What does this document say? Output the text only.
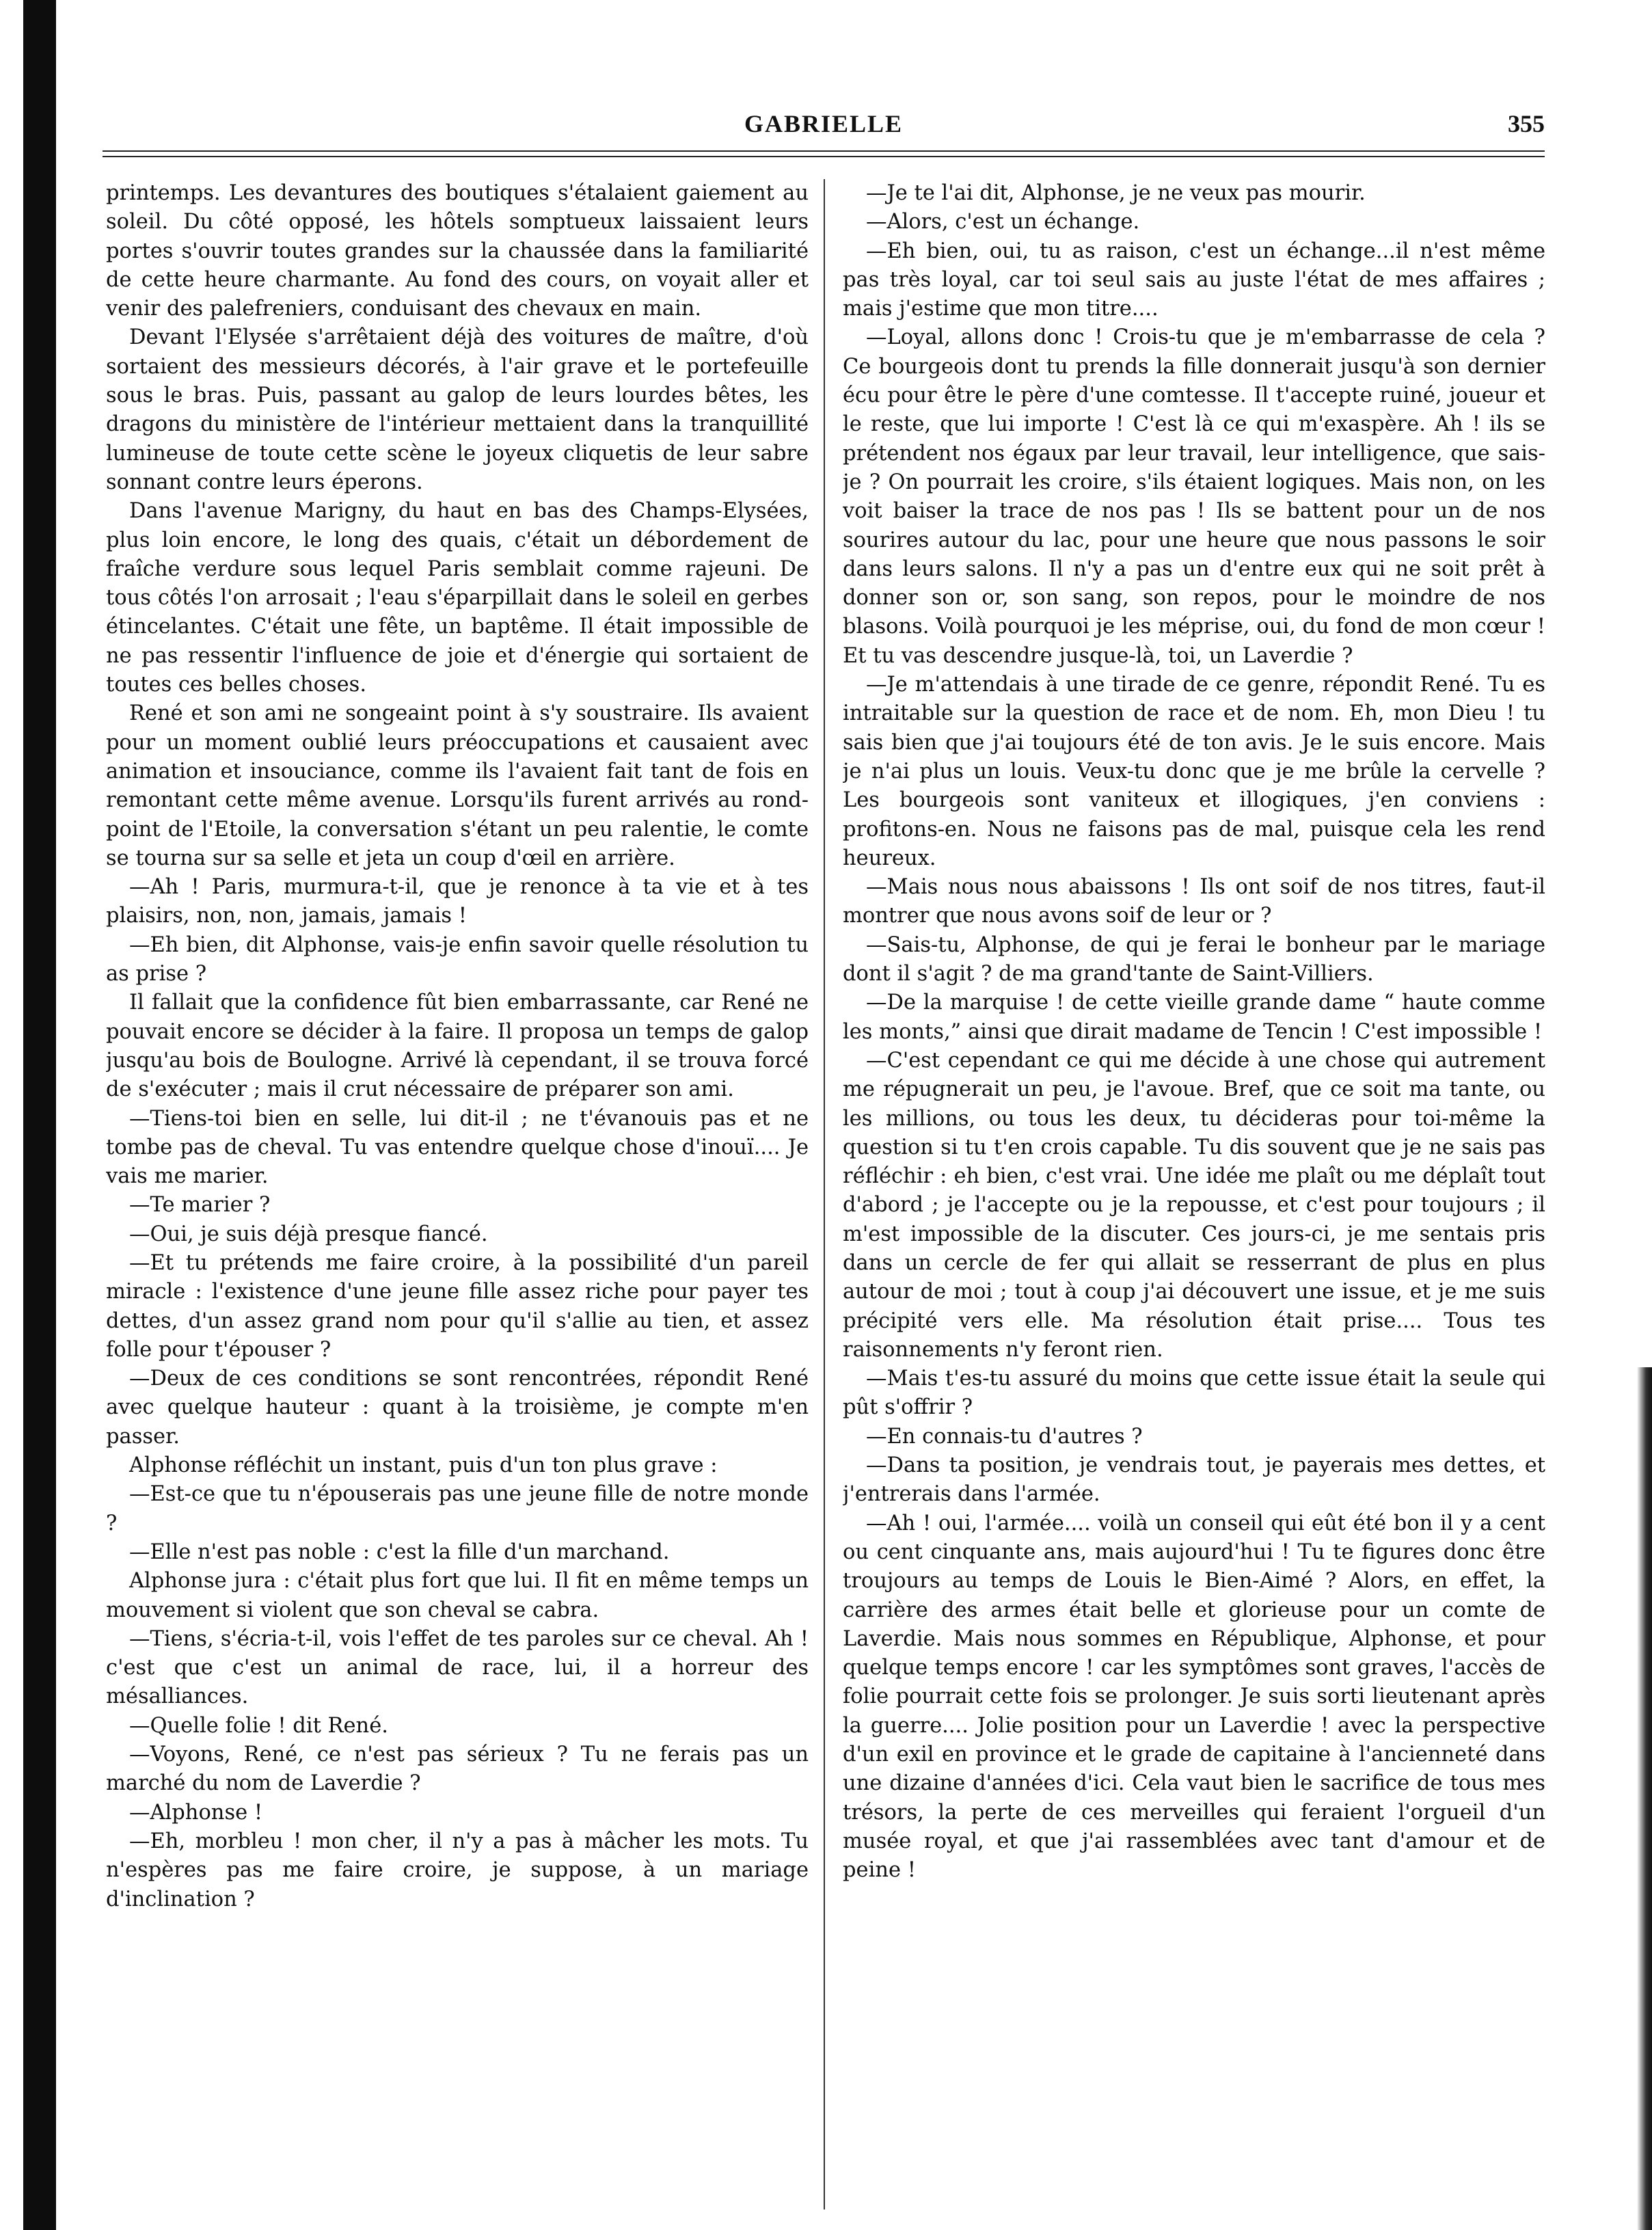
GABRIELLE	355

printemps. Les devantures des boutiques s'étalaient gaiement au soleil. Du côté opposé, les hôtels somptueux laissaient leurs portes s'ouvrir toutes grandes sur la chaussée dans la familiarité de cette heure charmante. Au fond des cours, on voyait aller et venir des palefreniers, conduisant des chevaux en main.

Devant l'Elysée s'arrêtaient déjà des voitures de maître, d'où sortaient des messieurs décorés, à l'air grave et le portefeuille sous le bras. Puis, passant au galop de leurs lourdes bêtes, les dragons du ministère de l'intérieur mettaient dans la tranquillité lumineuse de toute cette scène le joyeux cliquetis de leur sabre sonnant contre leurs éperons.

Dans l'avenue Marigny, du haut en bas des Champs-Elysées, plus loin encore, le long des quais, c'était un débordement de fraîche verdure sous lequel Paris semblait comme rajeuni. De tous côtés l'on arrosait ; l'eau s'éparpillait dans le soleil en gerbes étincelantes. C'était une fête, un baptême. Il était impossible de ne pas ressentir l'influence de joie et d'énergie qui sortaient de toutes ces belles choses.

René et son ami ne songeaint point à s'y soustraire. Ils avaient pour un moment oublié leurs préoccupations et causaient avec animation et insouciance, comme ils l'avaient fait tant de fois en remontant cette même avenue. Lorsqu'ils furent arrivés au rond-point de l'Etoile, la conversation s'étant un peu ralentie, le comte se tourna sur sa selle et jeta un coup d'œil en arrière.

—Ah ! Paris, murmura-t-il, que je renonce à ta vie et à tes plaisirs, non, non, jamais, jamais !

—Eh bien, dit Alphonse, vais-je enfin savoir quelle résolution tu as prise ?

Il fallait que la confidence fût bien embarrassante, car René ne pouvait encore se décider à la faire. Il proposa un temps de galop jusqu'au bois de Boulogne. Arrivé là cependant, il se trouva forcé de s'exécuter ; mais il crut nécessaire de préparer son ami.

—Tiens-toi bien en selle, lui dit-il ; ne t'évanouis pas et ne tombe pas de cheval. Tu vas entendre quelque chose d'inouï.... Je vais me marier.

—Te marier ?

—Oui, je suis déjà presque fiancé.

—Et tu prétends me faire croire, à la possibilité d'un pareil miracle : l'existence d'une jeune fille assez riche pour payer tes dettes, d'un assez grand nom pour qu'il s'allie au tien, et assez folle pour t'épouser ?

—Deux de ces conditions se sont rencontrées, répondit René avec quelque hauteur : quant à la troisième, je compte m'en passer.

Alphonse réfléchit un instant, puis d'un ton plus grave :

—Est-ce que tu n'épouserais pas une jeune fille de notre monde ?

—Elle n'est pas noble : c'est la fille d'un marchand.

Alphonse jura : c'était plus fort que lui. Il fit en même temps un mouvement si violent que son cheval se cabra.

—Tiens, s'écria-t-il, vois l'effet de tes paroles sur ce cheval. Ah ! c'est que c'est un animal de race, lui, il a horreur des mésalliances.

—Quelle folie ! dit René.

—Voyons, René, ce n'est pas sérieux ? Tu ne ferais pas un marché du nom de Laverdie ?

—Alphonse !

—Eh, morbleu ! mon cher, il n'y a pas à mâcher les mots. Tu n'espères pas me faire croire, je suppose, à un mariage d'inclination ?

—Je te l'ai dit, Alphonse, je ne veux pas mourir.

—Alors, c'est un échange.

—Eh bien, oui, tu as raison, c'est un échange...il n'est même pas très loyal, car toi seul sais au juste l'état de mes affaires ; mais j'estime que mon titre....

—Loyal, allons donc ! Crois-tu que je m'embarrasse de cela ? Ce bourgeois dont tu prends la fille donnerait jusqu'à son dernier écu pour être le père d'une comtesse. Il t'accepte ruiné, joueur et le reste, que lui importe ! C'est là ce qui m'exaspère. Ah ! ils se prétendent nos égaux par leur travail, leur intelligence, que sais-je ? On pourrait les croire, s'ils étaient logiques. Mais non, on les voit baiser la trace de nos pas ! Ils se battent pour un de nos sourires autour du lac, pour une heure que nous passons le soir dans leurs salons. Il n'y a pas un d'entre eux qui ne soit prêt à donner son or, son sang, son repos, pour le moindre de nos blasons. Voilà pourquoi je les méprise, oui, du fond de mon cœur ! Et tu vas descendre jusque-là, toi, un Laverdie ?

—Je m'attendais à une tirade de ce genre, répondit René. Tu es intraitable sur la question de race et de nom. Eh, mon Dieu ! tu sais bien que j'ai toujours été de ton avis. Je le suis encore. Mais je n'ai plus un louis. Veux-tu donc que je me brûle la cervelle ? Les bourgeois sont vaniteux et illogiques, j'en conviens : profitons-en. Nous ne faisons pas de mal, puisque cela les rend heureux.

—Mais nous nous abaissons ! Ils ont soif de nos titres, faut-il montrer que nous avons soif de leur or ?

—Sais-tu, Alphonse, de qui je ferai le bonheur par le mariage dont il s'agit ? de ma grand'tante de Saint-Villiers.

—De la marquise ! de cette vieille grande dame “ haute comme les monts,” ainsi que dirait madame de Tencin ! C'est impossible !

—C'est cependant ce qui me décide à une chose qui autrement me répugnerait un peu, je l'avoue. Bref, que ce soit ma tante, ou les millions, ou tous les deux, tu décideras pour toi-même la question si tu t'en crois capable. Tu dis souvent que je ne sais pas réfléchir : eh bien, c'est vrai. Une idée me plaît ou me déplaît tout d'abord ; je l'accepte ou je la repousse, et c'est pour toujours ; il m'est impossible de la discuter. Ces jours-ci, je me sentais pris dans un cercle de fer qui allait se resserrant de plus en plus autour de moi ; tout à coup j'ai découvert une issue, et je me suis précipité vers elle. Ma résolution était prise.... Tous tes raisonnements n'y feront rien.

—Mais t'es-tu assuré du moins que cette issue était la seule qui pût s'offrir ?

—En connais-tu d'autres ?

—Dans ta position, je vendrais tout, je payerais mes dettes, et j'entrerais dans l'armée.

—Ah ! oui, l'armée.... voilà un conseil qui eût été bon il y a cent ou cent cinquante ans, mais aujourd'hui ! Tu te figures donc être troujours au temps de Louis le Bien-Aimé ? Alors, en effet, la carrière des armes était belle et glorieuse pour un comte de Laverdie. Mais nous sommes en République, Alphonse, et pour quelque temps encore ! car les symptômes sont graves, l'accès de folie pourrait cette fois se prolonger. Je suis sorti lieutenant après la guerre.... Jolie position pour un Laverdie ! avec la perspective d'un exil en province et le grade de capitaine à l'ancienneté dans une dizaine d'années d'ici. Cela vaut bien le sacrifice de tous mes trésors, la perte de ces merveilles qui feraient l'orgueil d'un musée royal, et que j'ai rassemblées avec tant d'amour et de peine !
